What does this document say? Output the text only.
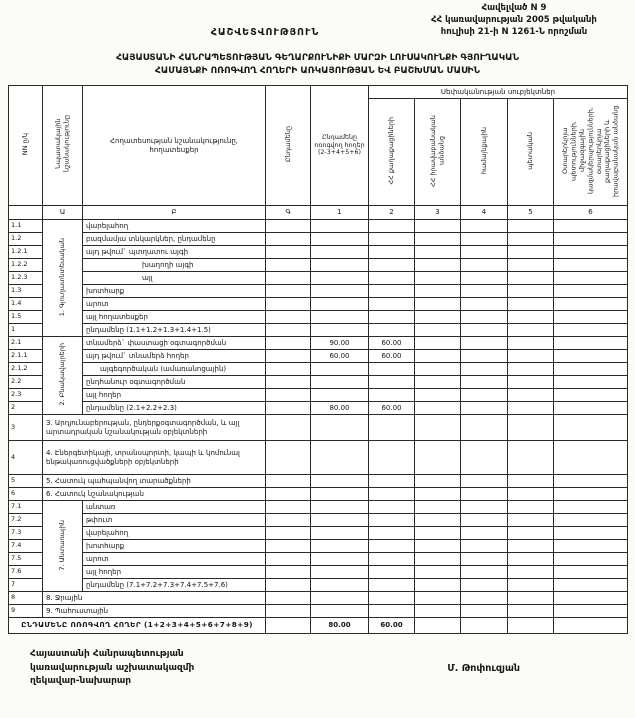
ՀԱՇՎԵՏՎՈՒԹՅՈՒՆ
Հավելված N 9
ՀՀ կառավարության 2005 թվականի
հուլիսի 21-ի N 1261-Ն որոշման
ՀԱՅԱՍՏԱՆԻ ՀԱՆՐԱՊԵՏՈՒԹՅԱՆ ԳԵՂԱՐՔՈՒՆԻՔԻ ՄԱՐԶԻ ԼՈՒՍԱԿՈՒՆՔԻ ԳՅՈՒՂԱԿԱՆ
ՀԱՄԱՅՆՔԻ ՈՌՈԳՎՈՂ ՀՈՂԵՐԻ ԱՌԿԱՅՈՒԹՅԱՆ ԵՎ ԲԱՇԽՄԱՆ ՄԱՍԻՆ
NN ը/կ	Նպատակային նշանակությունը	Հողատեսության նշանակությունը, հողատեսքեր	Ընդամենը	Ընդամենը ոռոգվող հողեր (2-3+4+5+6)	Սեփականության սուբյեկտներ				
					ՀՀ քաղաքացիների	ՀՀ իրավաբանական անձանց	համայնքային	պետական	Օտարերկրյա պետությունների, միջազգային կազմակերպությունների, օտարերկրյա քաղաքացիների և իրավաբանական անձանց
	Ա	Բ	Գ	1	2	3	4	5	6
1.1	1. Գյուղատնտեսական	վարելահող							
1.2		բազմամյա տնկարկներ, ընդամենը							
1.2.1		այդ թվում` պտղատու այգի							
1.2.2		խաղողի այգի							
1.2.3		այլ							
1.3		խոտհարք							
1.4		արոտ							
1.5		այլ հողատեսքեր							
1		ընդամենը (1.1+1.2+1.3+1.4+1.5)							
2.1	2. Բնակավայրերի	տնամերձ` փաստացի օգտագործման		90.00	60.00				
2.1.1		այդ թվում` տնամերձ հողեր		60.00	60.00				
2.1.2		այգեգործական (ամառանոցային)							
2.2		ընդհանուր օգտագործման							
2.3		այլ հողեր							
2		ընդամենը (2.1+2.2+2.3)		80.00	60.00				
3	3. Արդյունաբերության, ընդերքօգտագործման, և այլ արտադրական նշանակության օբյեկտների								
4	4. Էներգետիկայի, տրանսպորտի, կապի և կոմունալ ենթակառուցվածքների օբյեկտների								
5	5. Հատուկ պահպանվող տարածքների								
6	6. Հատուկ նշանակության								
7.1	7. Անտառային	անտառ							
7.2		թփուտ							
7.3		վարելահող							
7.4		խոտհարք							
7.5		արոտ							
7.6		այլ հողեր							
7		ընդամենը (7.1+7.2+7.3+7.4+7.5+7.6)							
8	8. Ջրային								
9	9. Պահուստային								
ԸՆԴԱՄԵՆԸ ՈՌՈԳՎՈՂ ՀՈՂԵՐ (1+2+3+4+5+6+7+8+9)				80.00	60.00				
Հայաստանի Հանրապետության
կառավարության աշխատակազմի
ղեկավար-նախարար
Մ. Թոփուզյան
